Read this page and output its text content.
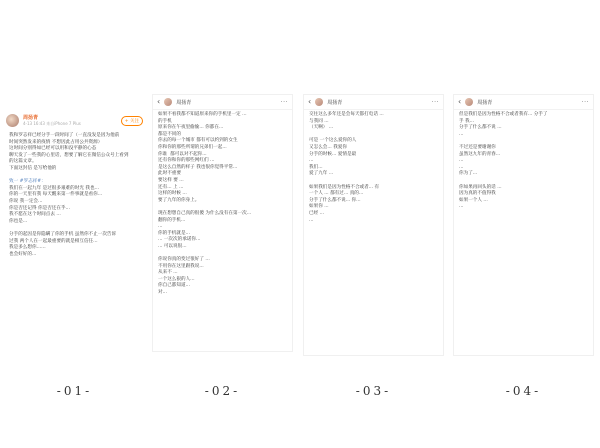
周扬青
4-13 16:43 来自iPhone 7 Plus	+ 关注
我和罗志祥已经分手一段时间了（一直没发是因为他前
时间突然发来的疫情 不想因此占用公共资源）
这时间分别得如已经可以用和没平静的心态
聊天发了一些我的心里话，想要了解它在微信公众号上看到
的这篇文章。
下面这封信 是写给他的

致一 #罗志祥#：
我们在一起九年 是过很多艰难的时光 我也...
你的一天里有我 每天醒来第一件事就是看你...
你说 我一定会...
你是否还记得 你是否还在乎...
我不愿在这个时间点去 ...
你也是...

分手的起因是你隐瞒了你的手机 虽然你不止一次告诉
过我 两个人在一起最重要的就是相互信任...
我是多么想你……
也会好好的...
‹	周扬青	···
如果不看我都不知道原来你的手机里一定 ...
的手机
原来你在午夜里偷偷... 你都在...
都是不同的
你去的每一个城市 都有可以约到的女生
你和你的那些所谓的兄弟们一起...
你谁  都可以对不起你...
还有你和你的那些网红们 ...
是这么自然的样子 我也很你觉得平常...
此时不重要
要这样 要 ...
还有... 上 ...
这样的时候 ...
要了九年的你身上。

现在想想自己真的很傻 为什么没有在第一次...
翻你的手机...
...
你的手机就是...
... 一次次的承诺你...
... 可以说很...

你说你真的变过很好了 ...
不用你在这里跟我说...
从来不 ...
一个这么狠的人...
你自己都知道...
对...
‹	周扬青	···
交往这么多年还是会每天都打电话 ...
与我同 ...
（天啊） ...

可是 一个这么爱你的人
又怎么会... 我爱你
分手的时候... 爱情是最
...
我们...
爱了九年 ...

如果我们是因为性格不合或者... 有
一个人 ... 都有过... 真的...
分手了什么都不说... 你...
如果你 ...
已经 ...
...
‹	周扬青	···
但是我们是因为性格不合或者我有... 分手了
手 我...
分手了什么都不说 ...
...

不过还是要谢谢你
虽然这九年的青春...
...
...
你为了...

你如果再回头的话 ...
因为真的不值得我
如果一个人 ...
...
-01-	-02-	-03-	-04-
